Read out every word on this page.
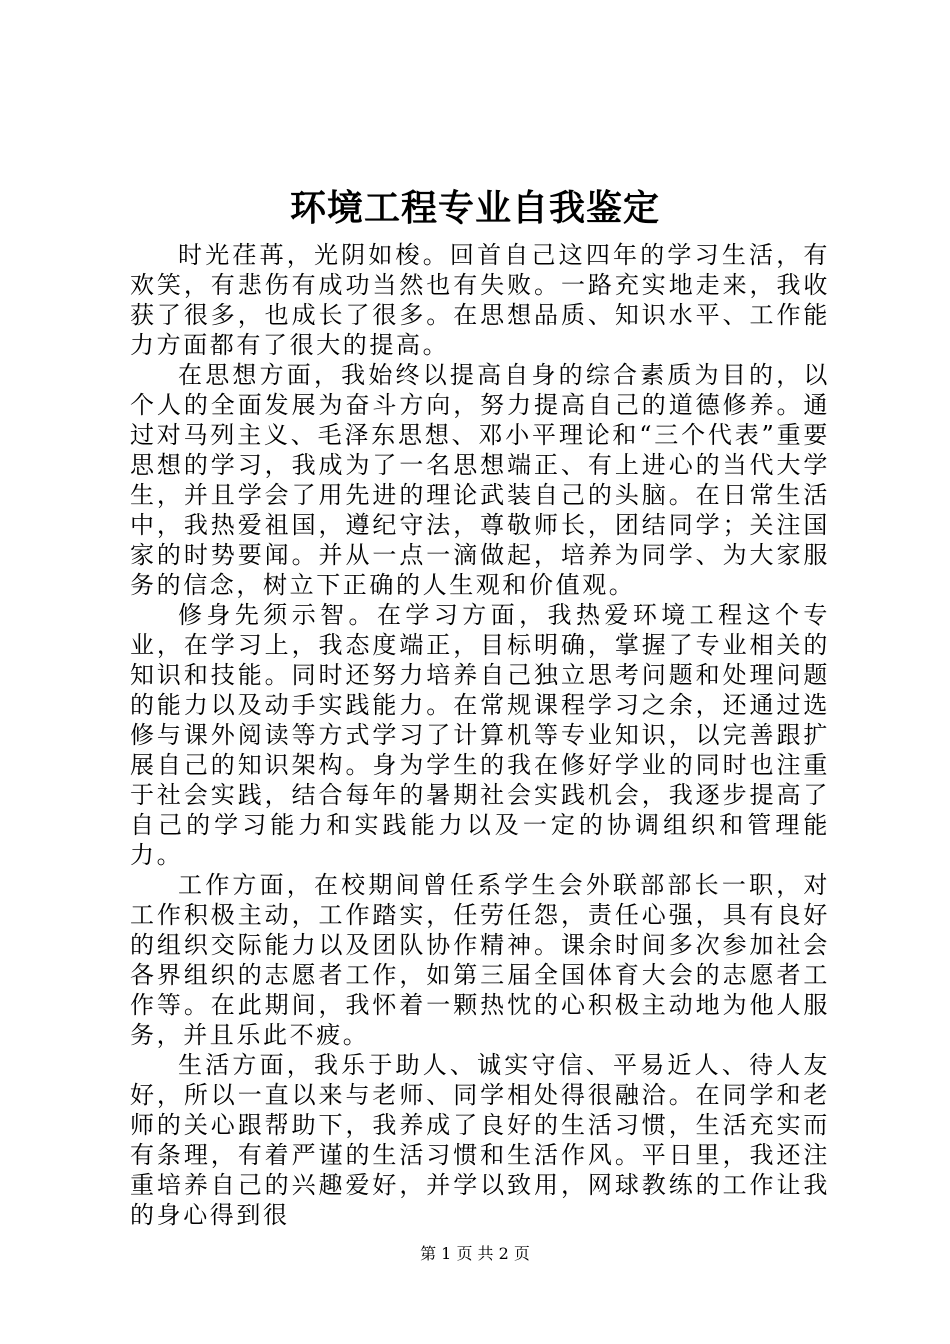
环境工程专业自我鉴定

时光荏苒，光阴如梭。回首自己这四年的学习生活，有欢笑，有悲伤有成功当然也有失败。一路充实地走来，我收获了很多，也成长了很多。在思想品质、知识水平、工作能力方面都有了很大的提高。

在思想方面，我始终以提高自身的综合素质为目的，以个人的全面发展为奋斗方向，努力提高自己的道德修养。通过对马列主义、毛泽东思想、邓小平理论和“三个代表”重要思想的学习，我成为了一名思想端正、有上进心的当代大学生，并且学会了用先进的理论武装自己的头脑。在日常生活中，我热爱祖国，遵纪守法，尊敬师长，团结同学；关注国家的时势要闻。并从一点一滴做起，培养为同学、为大家服务的信念，树立下正确的人生观和价值观。

修身先须示智。在学习方面，我热爱环境工程这个专业，在学习上，我态度端正，目标明确，掌握了专业相关的知识和技能。同时还努力培养自己独立思考问题和处理问题的能力以及动手实践能力。在常规课程学习之余，还通过选修与课外阅读等方式学习了计算机等专业知识，以完善跟扩展自己的知识架构。身为学生的我在修好学业的同时也注重于社会实践，结合每年的暑期社会实践机会，我逐步提高了自己的学习能力和实践能力以及一定的协调组织和管理能力。

工作方面，在校期间曾任系学生会外联部部长一职，对工作积极主动，工作踏实，任劳任怨，责任心强，具有良好的组织交际能力以及团队协作精神。课余时间多次参加社会各界组织的志愿者工作，如第三届全国体育大会的志愿者工作等。在此期间，我怀着一颗热忱的心积极主动地为他人服务，并且乐此不疲。

生活方面，我乐于助人、诚实守信、平易近人、待人友好，所以一直以来与老师、同学相处得很融洽。在同学和老师的关心跟帮助下，我养成了良好的生活习惯，生活充实而有条理，有着严谨的生活习惯和生活作风。平日里，我还注重培养自己的兴趣爱好，并学以致用，网球教练的工作让我的身心得到很

第 1 页 共 2 页
